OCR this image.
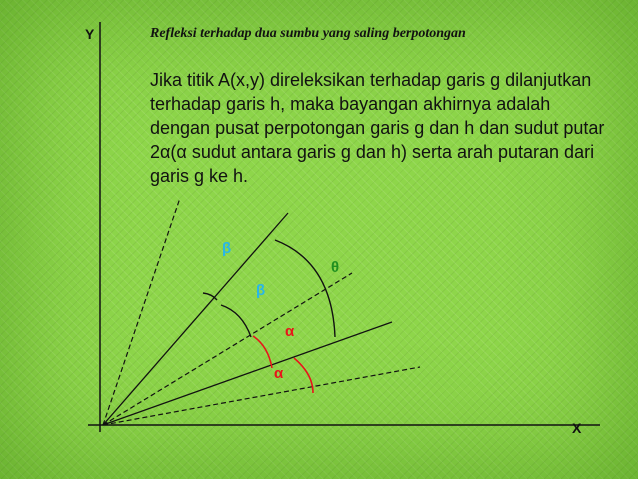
Y
X
Refleksi terhadap dua sumbu yang saling berpotongan
Jika titik A(x,y) direleksikan terhadap garis g dilanjutkan terhadap garis h, maka bayangan akhirnya adalah dengan pusat perpotongan garis g dan h dan sudut putar 2α(α sudut antara garis g dan h) serta arah putaran dari garis g ke h.
β
β
θ
α
α
